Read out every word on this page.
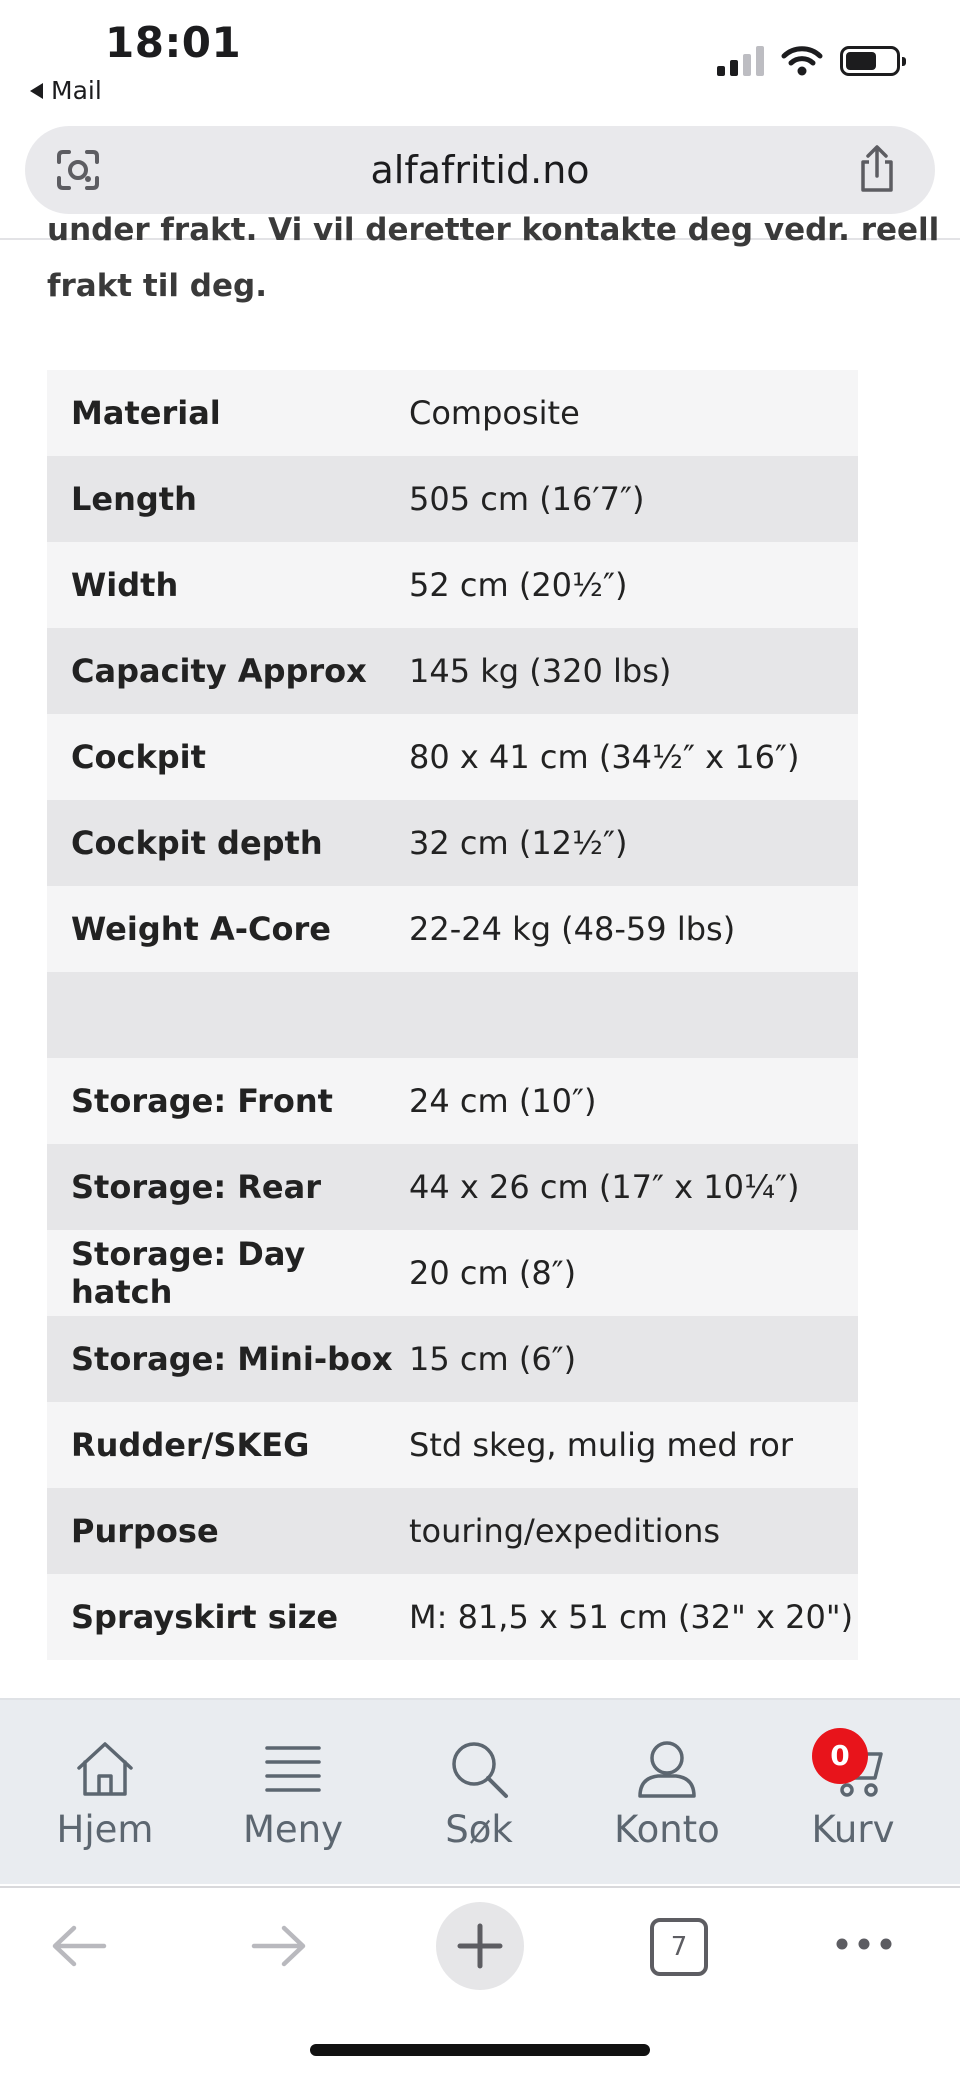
18:01
Mail
alfafritid.no
under frakt. Vi vil deretter kontakte deg vedr. reell
frakt til deg.
Material	Composite
Length	505 cm (16′7″)
Width	52 cm (20½″)
Capacity Approx	145 kg (320 lbs)
Cockpit	80 x 41 cm (34½″ x 16″)
Cockpit depth	32 cm (12½″)
Weight A-Core	22-24 kg (48-59 lbs)

Storage: Front	24 cm (10″)
Storage: Rear	44 x 26 cm (17″ x 10¼″)
Storage: Day hatch	20 cm (8″)
Storage: Mini-box	15 cm (6″)
Rudder/SKEG	Std skeg, mulig med ror
Purpose	touring/expeditions
Sprayskirt size	M: 81,5 x 51 cm (32" x 20")
Hjem	Meny	Søk	Konto	Kurv
0
7
